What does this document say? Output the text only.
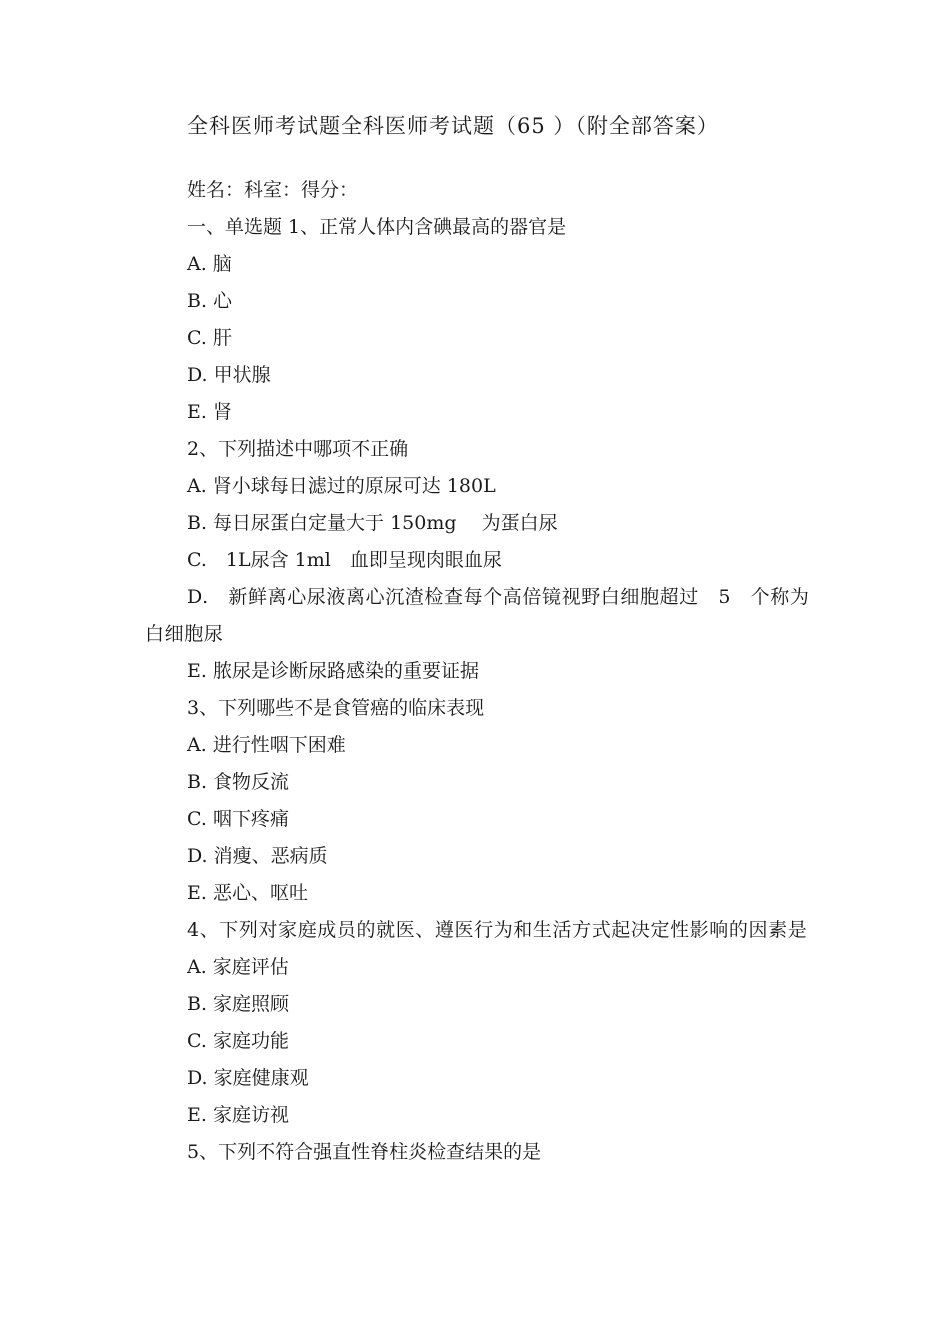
全科医师考试题全科医师考试题（65 ）（附全部答案）

姓名：科室：得分：

一、单选题 1、正常人体内含碘最高的器官是

A. 脑

B. 心

C. 肝

D. 甲状腺

E. 肾

2、下列描述中哪项不正确

A. 肾小球每日滤过的原尿可达 180L

B. 每日尿蛋白定量大于 150mg　 为蛋白尿

C.　1L尿含 1ml　血即呈现肉眼血尿

D.　新鲜离心尿液离心沉渣检查每个高倍镜视野白细胞超过　5　个称为白细胞尿

E. 脓尿是诊断尿路感染的重要证据

3、下列哪些不是食管癌的临床表现

A. 进行性咽下困难

B. 食物反流

C. 咽下疼痛

D. 消瘦、恶病质

E. 恶心、呕吐

4、下列对家庭成员的就医、遵医行为和生活方式起决定性影响的因素是

A. 家庭评估

B. 家庭照顾

C. 家庭功能

D. 家庭健康观

E. 家庭访视

5、下列不符合强直性脊柱炎检查结果的是
